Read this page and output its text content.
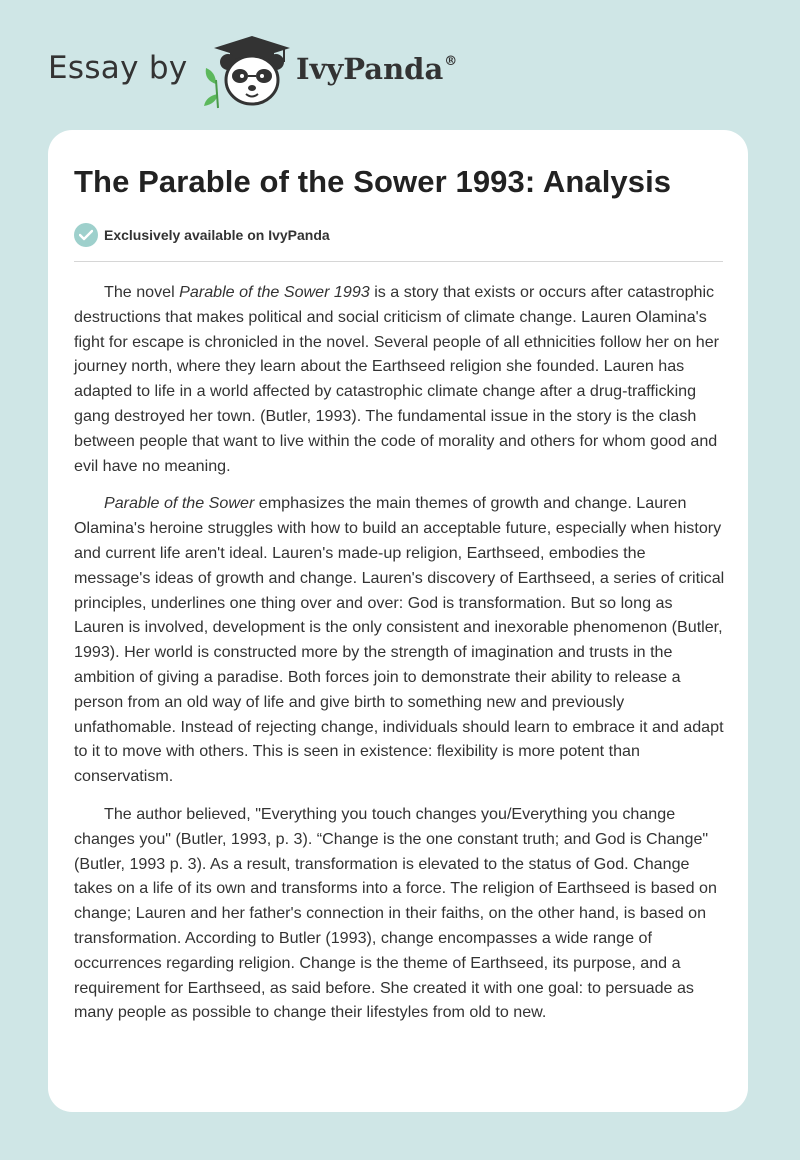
Essay by	IvyPanda®
The Parable of the Sower 1993: Analysis
Exclusively available on IvyPanda

The novel Parable of the Sower 1993 is a story that exists or occurs after catastrophic destructions that makes political and social criticism of climate change. Lauren Olamina's fight for escape is chronicled in the novel. Several people of all ethnicities follow her on her journey north, where they learn about the Earthseed religion she founded. Lauren has adapted to life in a world affected by catastrophic climate change after a drug-trafficking gang destroyed her town. (Butler, 1993). The fundamental issue in the story is the clash between people that want to live within the code of morality and others for whom good and evil have no meaning.

Parable of the Sower emphasizes the main themes of growth and change. Lauren Olamina's heroine struggles with how to build an acceptable future, especially when history and current life aren't ideal. Lauren's made-up religion, Earthseed, embodies the message's ideas of growth and change. Lauren's discovery of Earthseed, a series of critical principles, underlines one thing over and over: God is transformation. But so long as Lauren is involved, development is the only consistent and inexorable phenomenon (Butler, 1993). Her world is constructed more by the strength of imagination and trusts in the ambition of giving a paradise. Both forces join to demonstrate their ability to release a person from an old way of life and give birth to something new and previously unfathomable. Instead of rejecting change, individuals should learn to embrace it and adapt to it to move with others. This is seen in existence: flexibility is more potent than conservatism.

The author believed, "Everything you touch changes you/Everything you change changes you" (Butler, 1993, p. 3). “Change is the one constant truth; and God is Change" (Butler, 1993 p. 3). As a result, transformation is elevated to the status of God. Change takes on a life of its own and transforms into a force. The religion of Earthseed is based on change; Lauren and her father's connection in their faiths, on the other hand, is based on transformation. According to Butler (1993), change encompasses a wide range of occurrences regarding religion. Change is the theme of Earthseed, its purpose, and a requirement for Earthseed, as said before. She created it with one goal: to persuade as many people as possible to change their lifestyles from old to new.
